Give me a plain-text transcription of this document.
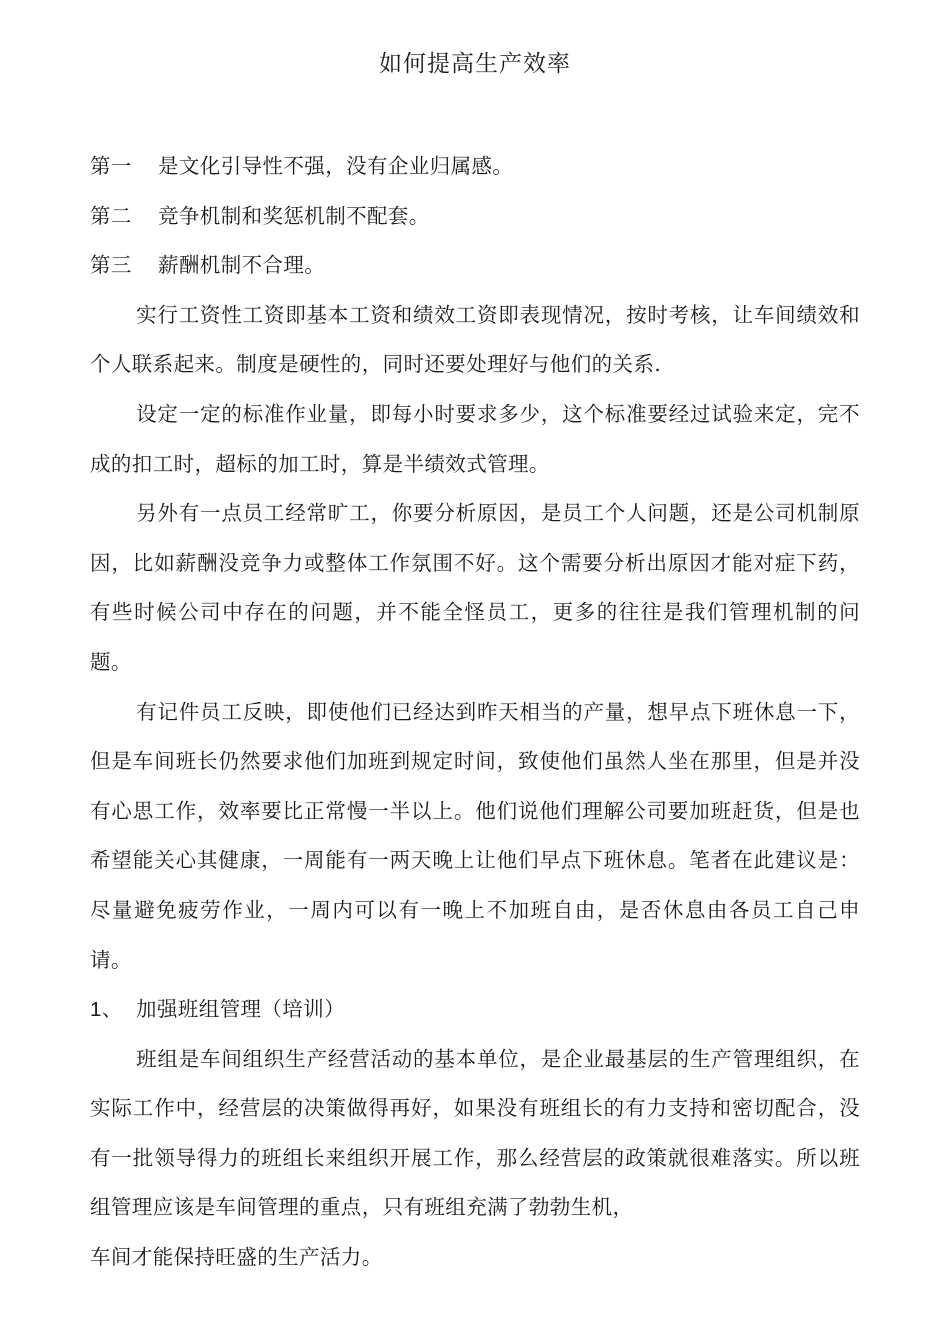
如何提高生产效率

第一 是文化引导性不强，没有企业归属感。

第二 竞争机制和奖惩机制不配套。

第三 薪酬机制不合理。

实行工资性工资即基本工资和绩效工资即表现情况，按时考核，让车间绩效和个人联系起来。制度是硬性的，同时还要处理好与他们的关系.

设定一定的标准作业量，即每小时要求多少，这个标准要经过试验来定，完不成的扣工时，超标的加工时，算是半绩效式管理。

另外有一点员工经常旷工，你要分析原因，是员工个人问题，还是公司机制原因，比如薪酬没竞争力或整体工作氛围不好。这个需要分析出原因才能对症下药，有些时候公司中存在的问题，并不能全怪员工，更多的往往是我们管理机制的问题。

有记件员工反映，即使他们已经达到昨天相当的产量，想早点下班休息一下，但是车间班长仍然要求他们加班到规定时间，致使他们虽然人坐在那里，但是并没有心思工作，效率要比正常慢一半以上。他们说他们理解公司要加班赶货，但是也希望能关心其健康，一周能有一两天晚上让他们早点下班休息。笔者在此建议是：尽量避免疲劳作业，一周内可以有一晚上不加班自由，是否休息由各员工自己申请。

1、 加强班组管理（培训）

班组是车间组织生产经营活动的基本单位，是企业最基层的生产管理组织，在实际工作中，经营层的决策做得再好，如果没有班组长的有力支持和密切配合，没有一批领导得力的班组长来组织开展工作，那么经营层的政策就很难落实。所以班组管理应该是车间管理的重点，只有班组充满了勃勃生机，

车间才能保持旺盛的生产活力。
